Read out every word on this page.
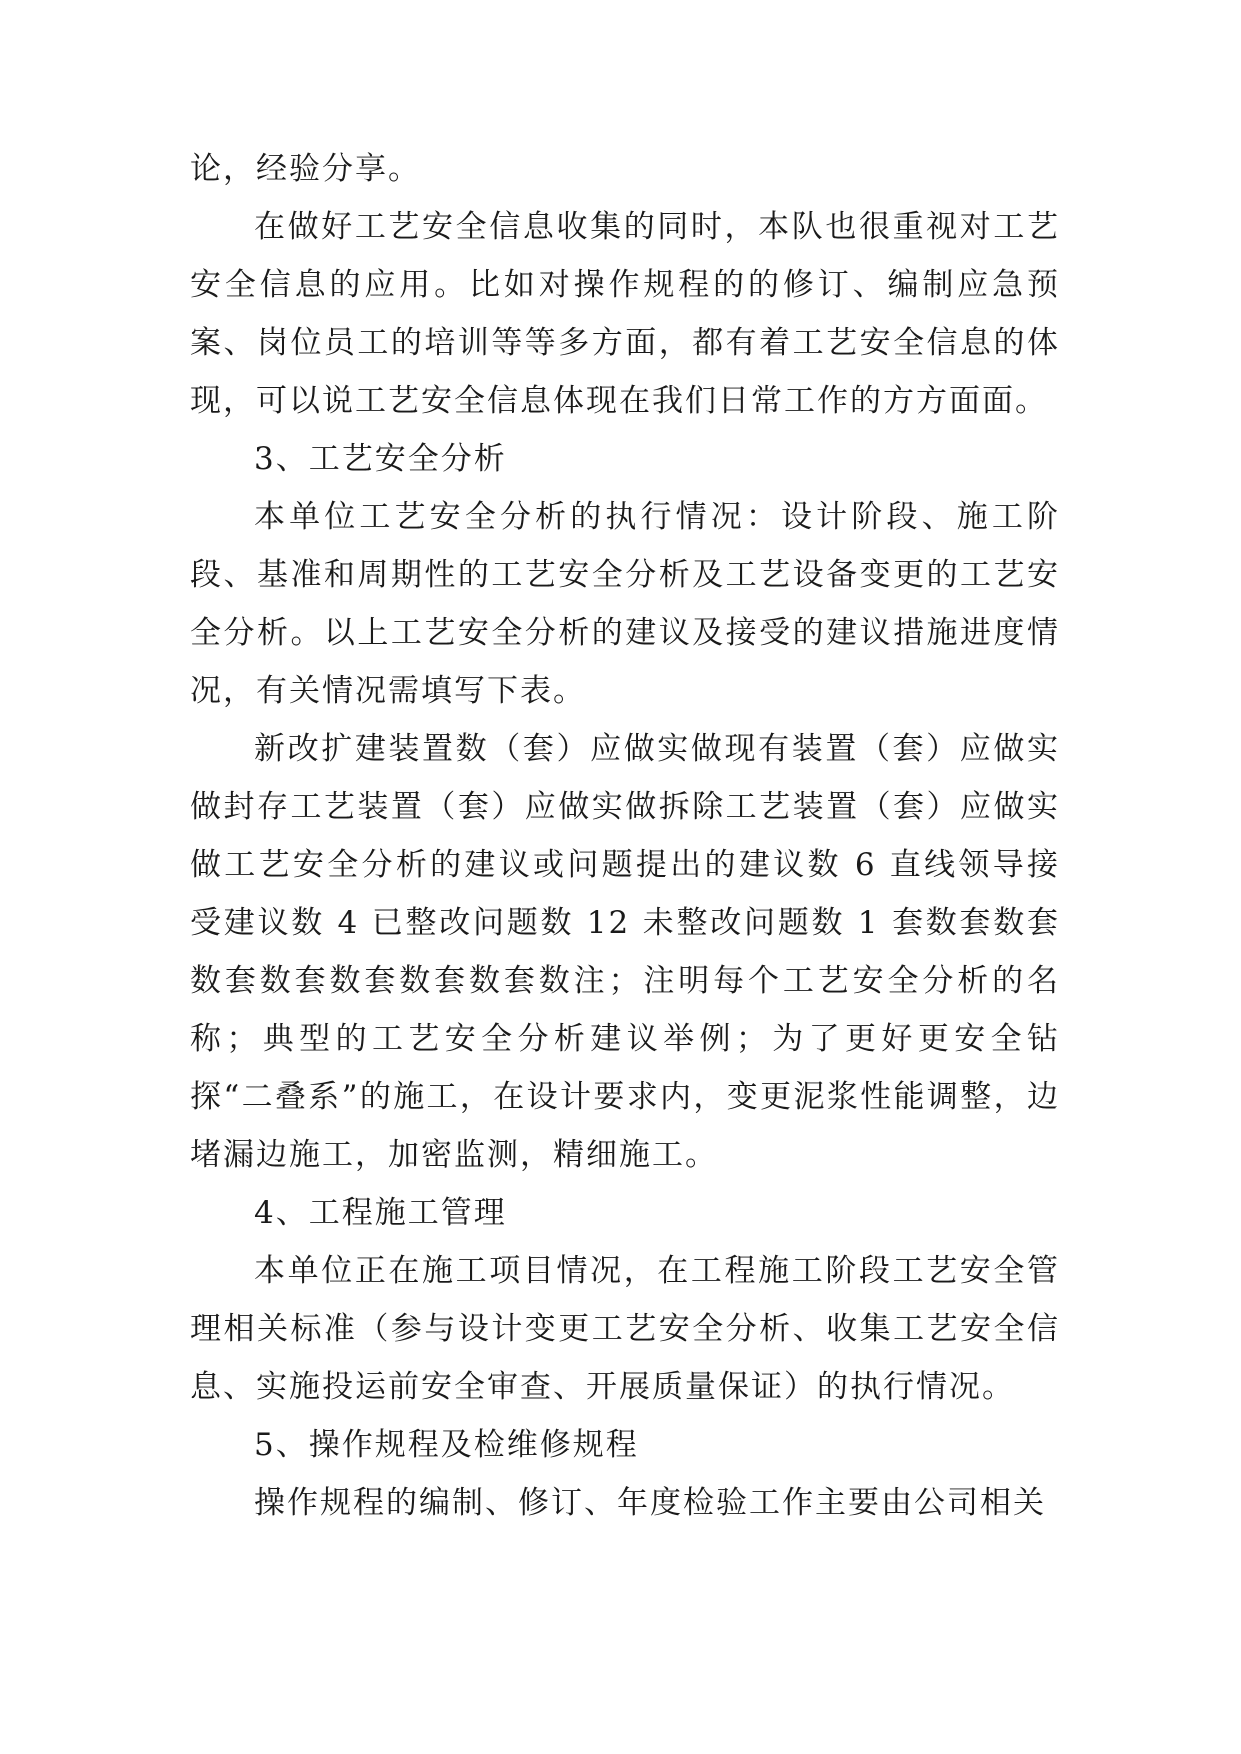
论，经验分享。

在做好工艺安全信息收集的同时，本队也很重视对工艺安全信息的应用。比如对操作规程的的修订、编制应急预案、岗位员工的培训等等多方面，都有着工艺安全信息的体现，可以说工艺安全信息体现在我们日常工作的方方面面。

3、工艺安全分析

本单位工艺安全分析的执行情况：设计阶段、施工阶段、基准和周期性的工艺安全分析及工艺设备变更的工艺安全分析。以上工艺安全分析的建议及接受的建议措施进度情况，有关情况需填写下表。

新改扩建装置数（套）应做实做现有装置（套）应做实做封存工艺装置（套）应做实做拆除工艺装置（套）应做实做工艺安全分析的建议或问题提出的建议数 6 直线领导接受建议数 4 已整改问题数 12 未整改问题数 1 套数套数套数套数套数套数套数套数注；注明每个工艺安全分析的名称；典型的工艺安全分析建议举例；为了更好更安全钻探“二叠系”的施工，在设计要求内，变更泥浆性能调整，边堵漏边施工，加密监测，精细施工。

4、工程施工管理

本单位正在施工项目情况，在工程施工阶段工艺安全管理相关标准（参与设计变更工艺安全分析、收集工艺安全信息、实施投运前安全审查、开展质量保证）的执行情况。

5、操作规程及检维修规程

操作规程的编制、修订、年度检验工作主要由公司相关
